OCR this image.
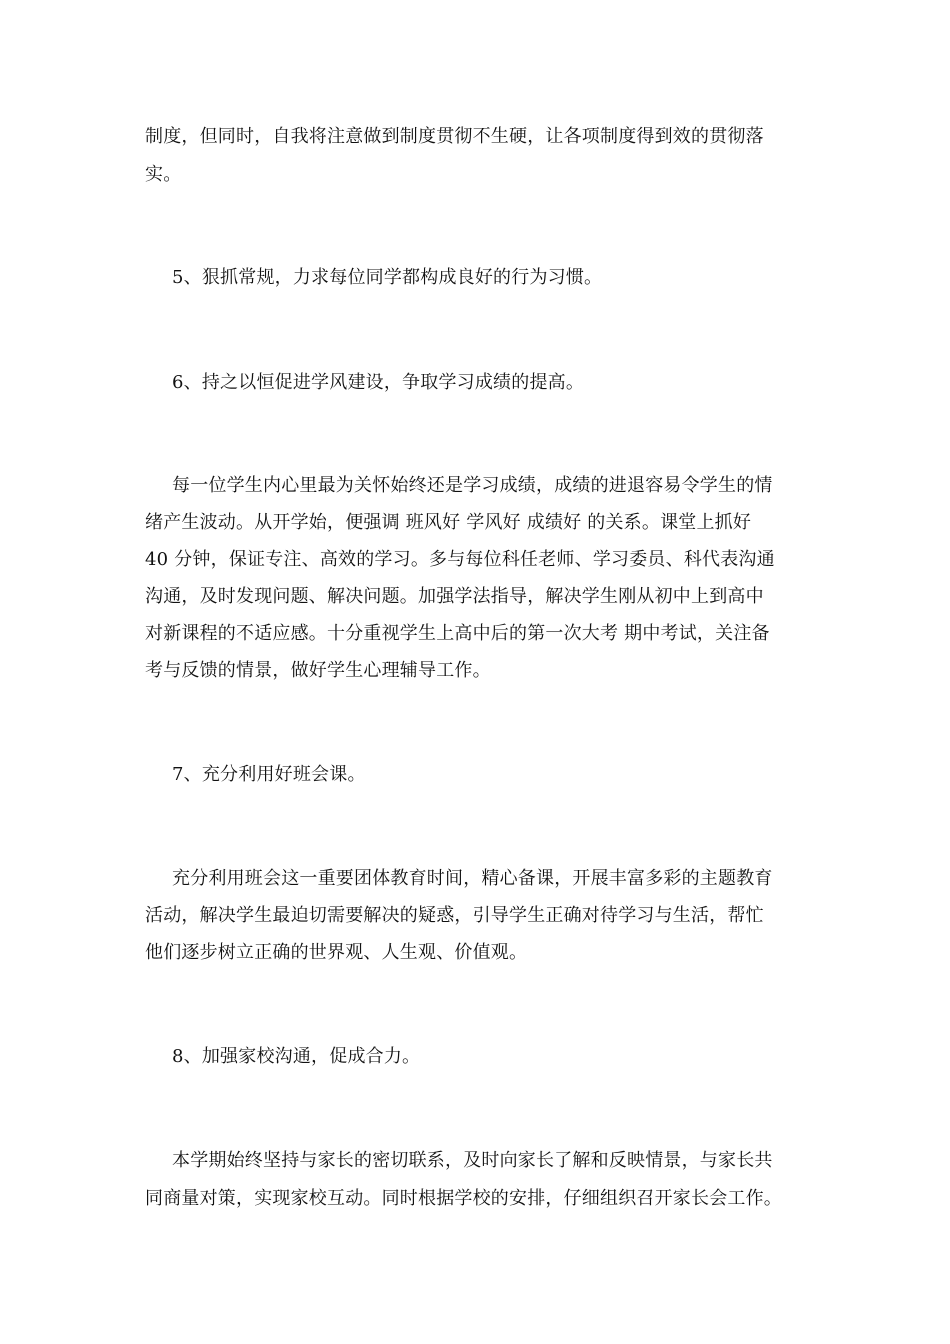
制度，但同时，自我将注意做到制度贯彻不生硬，让各项制度得到效的贯彻落
实。
5、狠抓常规，力求每位同学都构成良好的行为习惯。
6、持之以恒促进学风建设，争取学习成绩的提高。
每一位学生内心里最为关怀始终还是学习成绩，成绩的进退容易令学生的情
绪产生波动。从开学始，便强调 班风好 学风好 成绩好 的关系。课堂上抓好
40 分钟，保证专注、高效的学习。多与每位科任老师、学习委员、科代表沟通
沟通，及时发现问题、解决问题。加强学法指导，解决学生刚从初中上到高中
对新课程的不适应感。十分重视学生上高中后的第一次大考 期中考试，关注备
考与反馈的情景，做好学生心理辅导工作。
7、充分利用好班会课。
充分利用班会这一重要团体教育时间，精心备课，开展丰富多彩的主题教育
活动，解决学生最迫切需要解决的疑惑，引导学生正确对待学习与生活，帮忙
他们逐步树立正确的世界观、人生观、价值观。
8、加强家校沟通，促成合力。
本学期始终坚持与家长的密切联系，及时向家长了解和反映情景，与家长共
同商量对策，实现家校互动。同时根据学校的安排，仔细组织召开家长会工作。
